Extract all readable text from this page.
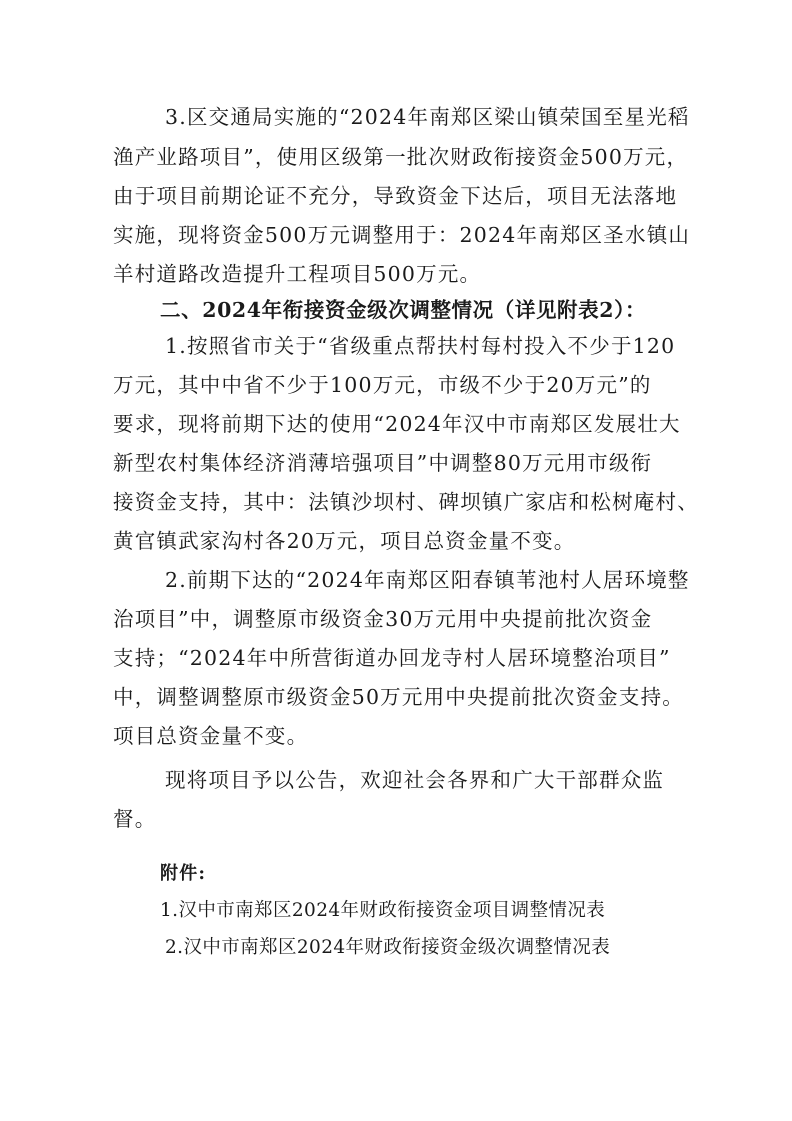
3.区交通局实施的“2024年南郑区梁山镇荣国至星光稻
渔产业路项目”，使用区级第一批次财政衔接资金500万元，
由于项目前期论证不充分，导致资金下达后，项目无法落地
实施，现将资金500万元调整用于：2024年南郑区圣水镇山
羊村道路改造提升工程项目500万元。
二、2024年衔接资金级次调整情况（详见附表2）：
1.按照省市关于“省级重点帮扶村每村投入不少于120
万元，其中中省不少于100万元，市级不少于20万元”的
要求，现将前期下达的使用“2024年汉中市南郑区发展壮大
新型农村集体经济消薄培强项目”中调整80万元用市级衔
接资金支持，其中：法镇沙坝村、碑坝镇广家店和松树庵村、
黄官镇武家沟村各20万元，项目总资金量不变。
2.前期下达的“2024年南郑区阳春镇苇池村人居环境整
治项目”中，调整原市级资金30万元用中央提前批次资金
支持；“2024年中所营街道办回龙寺村人居环境整治项目”
中，调整调整原市级资金50万元用中央提前批次资金支持。
项目总资金量不变。
现将项目予以公告，欢迎社会各界和广大干部群众监
督。
附件:
1.汉中市南郑区2024年财政衔接资金项目调整情况表
2.汉中市南郑区2024年财政衔接资金级次调整情况表
